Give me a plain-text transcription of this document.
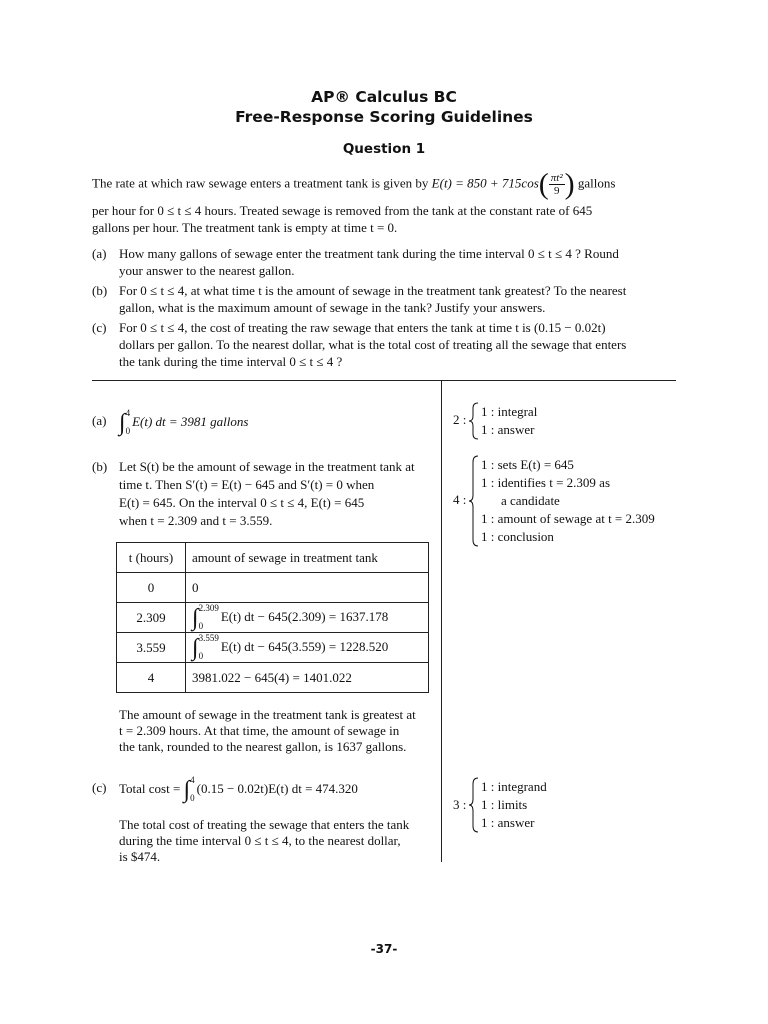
AP® Calculus BC
Free-Response Scoring Guidelines
Question 1
The rate at which raw sewage enters a treatment tank is given by $E(t) = 850 + 715\cos( \frac{\text{πt²}}{9}$ ) gallons
per hour for 0 ≤ t ≤ 4 hours. Treated sewage is removed from the tank at the constant rate of 645
gallons per hour. The treatment tank is empty at time t = 0.
(a) How many gallons of sewage enter the treatment tank during the time interval 0 ≤ t ≤ 4 ? Round
your answer to the nearest gallon.
(b) For 0 ≤ t ≤ 4, at what time t is the amount of sewage in the treatment tank greatest? To the nearest
gallon, what is the maximum amount of sewage in the tank? Justify your answers.
(c) For 0 ≤ t ≤ 4, the cost of treating the raw sewage that enters the tank at time t is (0.15 − 0.02t)
dollars per gallon. To the nearest dollar, what is the total cost of treating all the sewage that enters
the tank during the time interval 0 ≤ t ≤ 4 ?
(a) ∫ 4
0
E(t) dt = 3981 gallons
(b) Let S(t) be the amount of sewage in the treatment tank at
time t. Then S′(t) = E(t) − 645 and S′(t) = 0 when
E(t) = 645. On the interval 0 ≤ t ≤ 4, E(t) = 645
when t = 2.309 and t = 3.559.
t (hours)	amount of sewage in treatment tank
0	0
2.309	∫ 2.309
0
E(t) dt − 645(2.309) = 1637.178
3.559	∫ 3.559
0
E(t) dt − 645(3.559) = 1228.520
4	3981.022 − 645(4) = 1401.022
The amount of sewage in the treatment tank is greatest at
t = 2.309 hours. At that time, the amount of sewage in
the tank, rounded to the nearest gallon, is 1637 gallons.
(c) Total cost = ∫ 4
0
(0.15 − 0.02t)E(t) dt = 474.320
The total cost of treating the sewage that enters the tank
during the time interval 0 ≤ t ≤ 4, to the nearest dollar,
is $474.
2 :
1 : integral
1 : answer
4 :
1 : sets E(t) = 645
1 : identifies t = 2.309 as
a candidate
1 : amount of sewage at t = 2.309
1 : conclusion
3 :
1 : integrand
1 : limits
1 : answer
-37-
